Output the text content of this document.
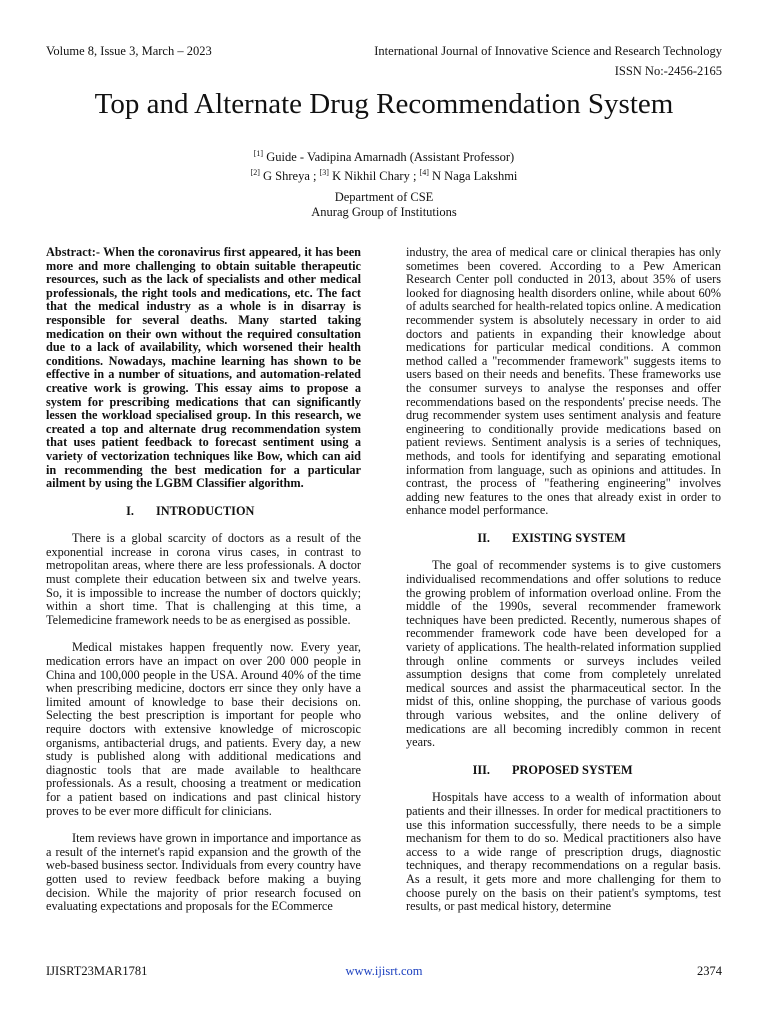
Volume 8, Issue 3, March – 2023	International Journal of Innovative Science and Research Technology
ISSN No:-2456-2165
Top and Alternate Drug Recommendation System
[1] Guide - Vadipina Amarnadh (Assistant Professor)
[2] G Shreya ; [3] K Nikhil Chary ; [4] N Naga Lakshmi
Department of CSE
Anurag Group of Institutions

Abstract:- When the coronavirus first appeared, it has been more and more challenging to obtain suitable therapeutic resources, such as the lack of specialists and other medical professionals, the right tools and medications, etc. The fact that the medical industry as a whole is in disarray is responsible for several deaths. Many started taking medication on their own without the required consultation due to a lack of availability, which worsened their health conditions. Nowadays, machine learning has shown to be effective in a number of situations, and automation-related creative work is growing. This essay aims to propose a system for prescribing medications that can significantly lessen the workload specialised group. In this research, we created a top and alternate drug recommendation system that uses patient feedback to forecast sentiment using a variety of vectorization techniques like Bow, which can aid in recommending the best medication for a particular ailment by using the LGBM Classifier algorithm.

I. INTRODUCTION

There is a global scarcity of doctors as a result of the exponential increase in corona virus cases, in contrast to metropolitan areas, where there are less professionals. A doctor must complete their education between six and twelve years. So, it is impossible to increase the number of doctors quickly; within a short time. That is challenging at this time, a Telemedicine framework needs to be as energised as possible.

Medical mistakes happen frequently now. Every year, medication errors have an impact on over 200 000 people in China and 100,000 people in the USA. Around 40% of the time when prescribing medicine, doctors err since they only have a limited amount of knowledge to base their decisions on. Selecting the best prescription is important for people who require doctors with extensive knowledge of microscopic organisms, antibacterial drugs, and patients. Every day, a new study is published along with additional medications and diagnostic tools that are made available to healthcare professionals. As a result, choosing a treatment or medication for a patient based on indications and past clinical history proves to be ever more difficult for clinicians.

Item reviews have grown in importance and importance as a result of the internet's rapid expansion and the growth of the web-based business sector. Individuals from every country have gotten used to review feedback before making a buying decision. While the majority of prior research focused on evaluating expectations and proposals for the ECommerce

industry, the area of medical care or clinical therapies has only sometimes been covered. According to a Pew American Research Center poll conducted in 2013, about 35% of users looked for diagnosing health disorders online, while about 60% of adults searched for health-related topics online. A medication recommender system is absolutely necessary in order to aid doctors and patients in expanding their knowledge about medications for particular medical conditions. A common method called a "recommender framework" suggests items to users based on their needs and benefits. These frameworks use the consumer surveys to analyse the responses and offer recommendations based on the respondents' precise needs. The drug recommender system uses sentiment analysis and feature engineering to conditionally provide medications based on patient reviews. Sentiment analysis is a series of techniques, methods, and tools for identifying and separating emotional information from language, such as opinions and attitudes. In contrast, the process of "feathering engineering" involves adding new features to the ones that already exist in order to enhance model performance.

II. EXISTING SYSTEM

The goal of recommender systems is to give customers individualised recommendations and offer solutions to reduce the growing problem of information overload online. From the middle of the 1990s, several recommender framework techniques have been predicted. Recently, numerous shapes of recommender framework code have been developed for a variety of applications. The health-related information supplied through online comments or surveys includes veiled assumption designs that come from completely unrelated medical sources and assist the pharmaceutical sector. In the midst of this, online shopping, the purchase of various goods through various websites, and the online delivery of medications are all becoming incredibly common in recent years.

III. PROPOSED SYSTEM

Hospitals have access to a wealth of information about patients and their illnesses. In order for medical practitioners to use this information successfully, there needs to be a simple mechanism for them to do so. Medical practitioners also have access to a wide range of prescription drugs, diagnostic techniques, and therapy recommendations on a regular basis. As a result, it gets more and more challenging for them to choose purely on the basis on their patient's symptoms, test results, or past medical history, determine

IJISRT23MAR1781	www.ijisrt.com	2374
